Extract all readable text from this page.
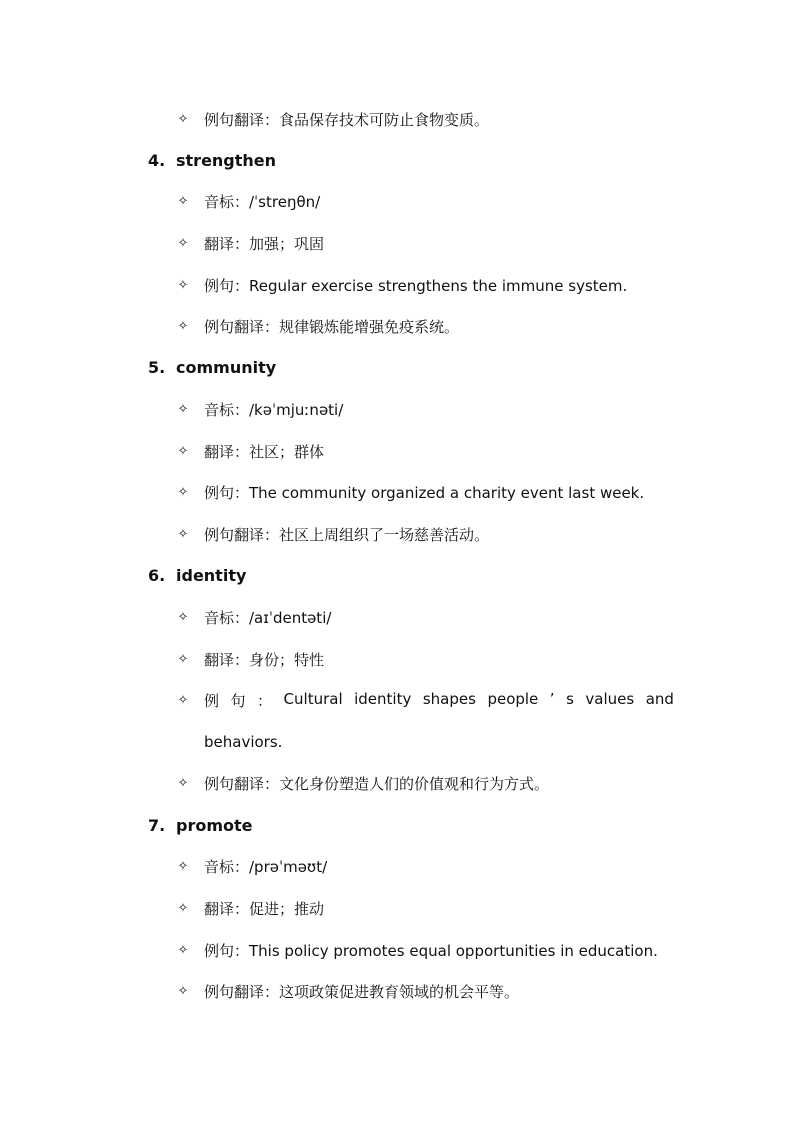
✧ 例句翻译：食品保存技术可防止食物变质。
4. strengthen
✧ 音标：/ˈstreŋθn/
✧ 翻译：加强；巩固
✧ 例句：Regular exercise strengthens the immune system.
✧ 例句翻译：规律锻炼能增强免疫系统。
5. community
✧ 音标：/kəˈmjuːnəti/
✧ 翻译：社区；群体
✧ 例句：The community organized a charity event last week.
✧ 例句翻译：社区上周组织了一场慈善活动。
6. identity
✧ 音标：/aɪˈdentəti/
✧ 翻译：身份；特性
behaviors.
✧ 例 句 ： Cultural identity shapes people ’ s values and
✧ 例句翻译：文化身份塑造人们的价值观和行为方式。
7. promote
✧ 音标：/prəˈməʊt/
✧ 翻译：促进；推动
✧ 例句：This policy promotes equal opportunities in education.
✧ 例句翻译：这项政策促进教育领域的机会平等。
